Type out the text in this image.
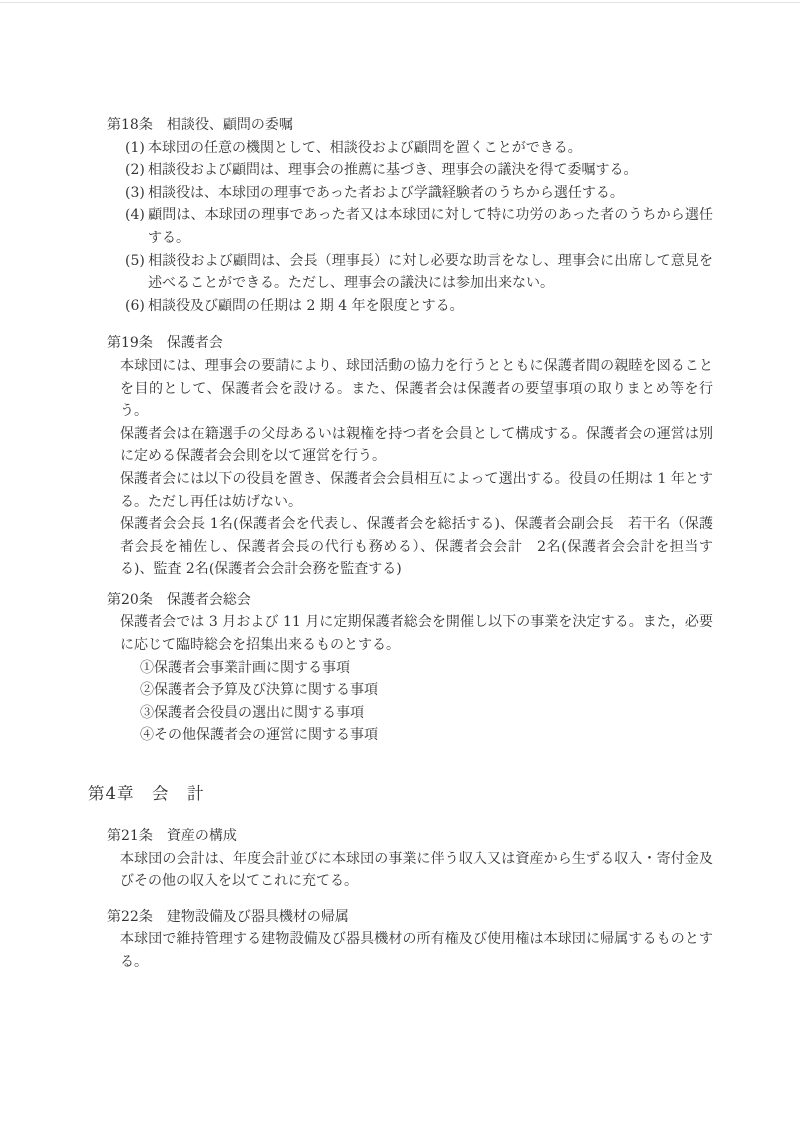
第18条　相談役、顧問の委嘱
(1) 本球団の任意の機関として、相談役および顧問を置くことができる。
(2) 相談役および顧問は、理事会の推薦に基づき、理事会の議決を得て委嘱する。
(3) 相談役は、本球団の理事であった者および学識経験者のうちから選任する。
(4) 顧問は、本球団の理事であった者又は本球団に対して特に功労のあった者のうちから選任する。
(5) 相談役および顧問は、会長（理事長）に対し必要な助言をなし、理事会に出席して意見を述べることができる。ただし、理事会の議決には参加出来ない。
(6) 相談役及び顧問の任期は 2 期 4 年を限度とする。
第19条　保護者会
本球団には、理事会の要請により、球団活動の協力を行うとともに保護者間の親睦を図ることを目的として、保護者会を設ける。また、保護者会は保護者の要望事項の取りまとめ等を行う。
保護者会は在籍選手の父母あるいは親権を持つ者を会員として構成する。保護者会の運営は別に定める保護者会会則を以て運営を行う。
保護者会には以下の役員を置き、保護者会会員相互によって選出する。役員の任期は 1 年とする。ただし再任は妨げない。
保護者会会長 1名(保護者会を代表し、保護者会を総括する)、保護者会副会長　若干名（保護者会長を補佐し、保護者会長の代行も務める）、保護者会会計　2名(保護者会会計を担当する)、監査 2名(保護者会会計会務を監査する)
第20条　保護者会総会
保護者会では 3 月および 11 月に定期保護者総会を開催し以下の事業を決定する。また，必要に応じて臨時総会を招集出来るものとする。
①保護者会事業計画に関する事項
②保護者会予算及び決算に関する事項
③保護者会役員の選出に関する事項
④その他保護者会の運営に関する事項
第4章　会　計
第21条　資産の構成
本球団の会計は、年度会計並びに本球団の事業に伴う収入又は資産から生ずる収入・寄付金及びその他の収入を以てこれに充てる。
第22条　建物設備及び器具機材の帰属
本球団で維持管理する建物設備及び器具機材の所有権及び使用権は本球団に帰属するものとする。
